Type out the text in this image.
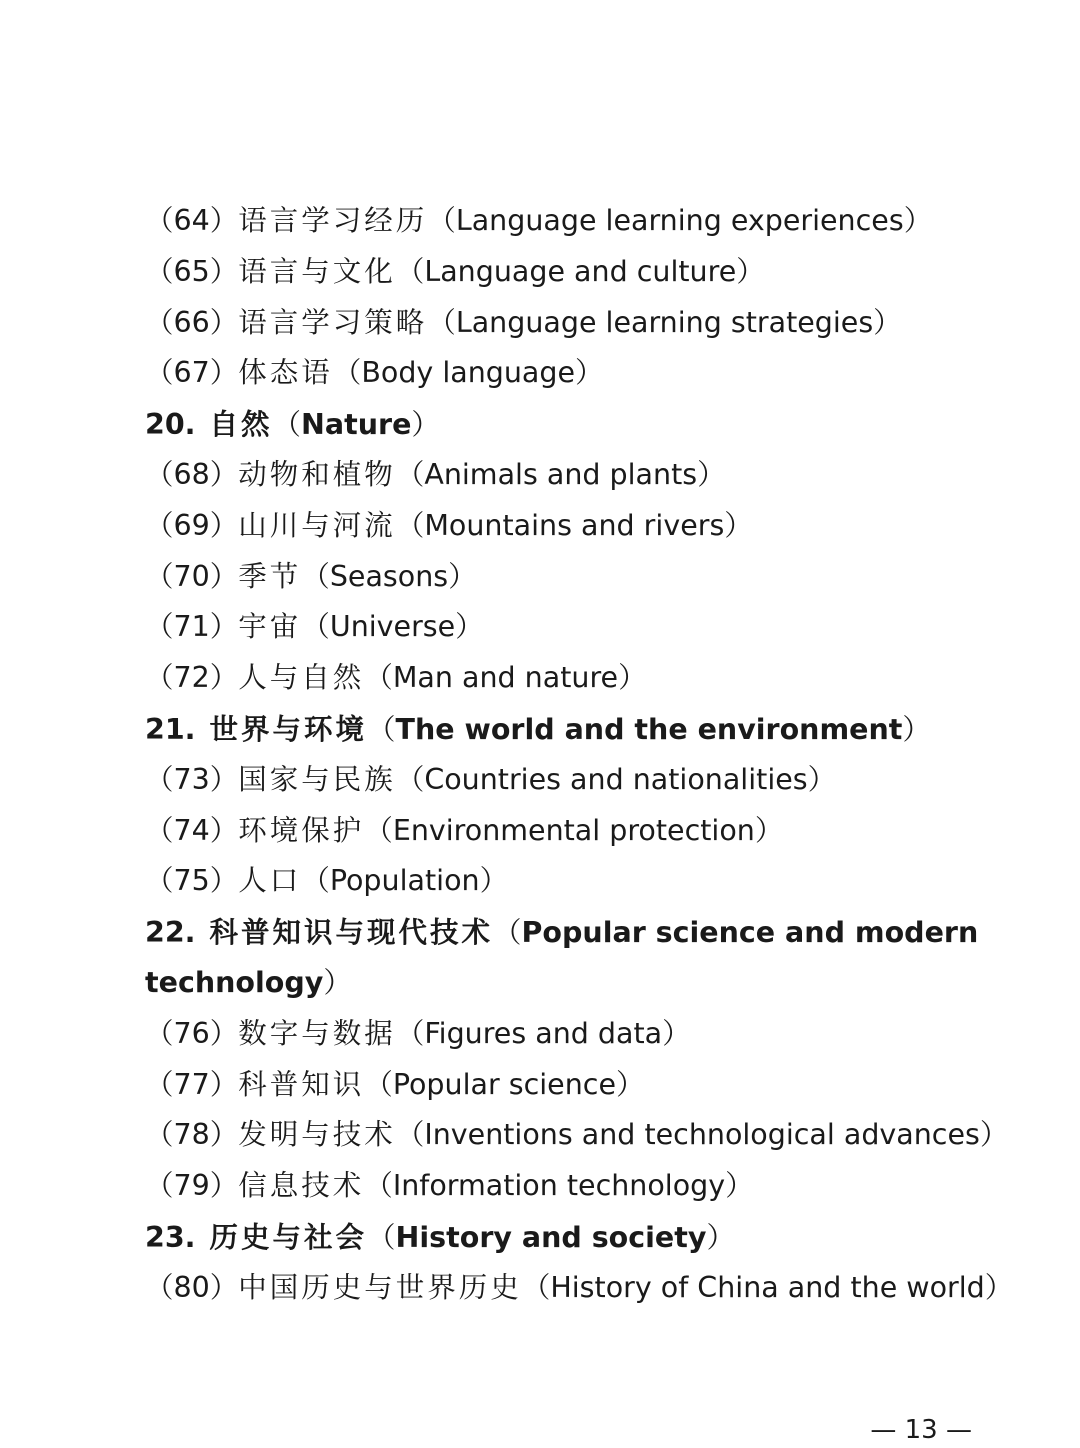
（64）语言学习经历（Language learning experiences）
（65）语言与文化（Language and culture）
（66）语言学习策略（Language learning strategies）
（67）体态语（Body language）
20. 自然（Nature）
（68）动物和植物（Animals and plants）
（69）山川与河流（Mountains and rivers）
（70）季节（Seasons）
（71）宇宙（Universe）
（72）人与自然（Man and nature）
21. 世界与环境（The world and the environment）
（73）国家与民族（Countries and nationalities）
（74）环境保护（Environmental protection）
（75）人口（Population）
22. 科普知识与现代技术（Popular science and modern
technology）
（76）数字与数据（Figures and data）
（77）科普知识（Popular science）
（78）发明与技术（Inventions and technological advances）
（79）信息技术（Information technology）
23. 历史与社会（History and society）
（80）中国历史与世界历史（History of China and the world）
— 13 —
